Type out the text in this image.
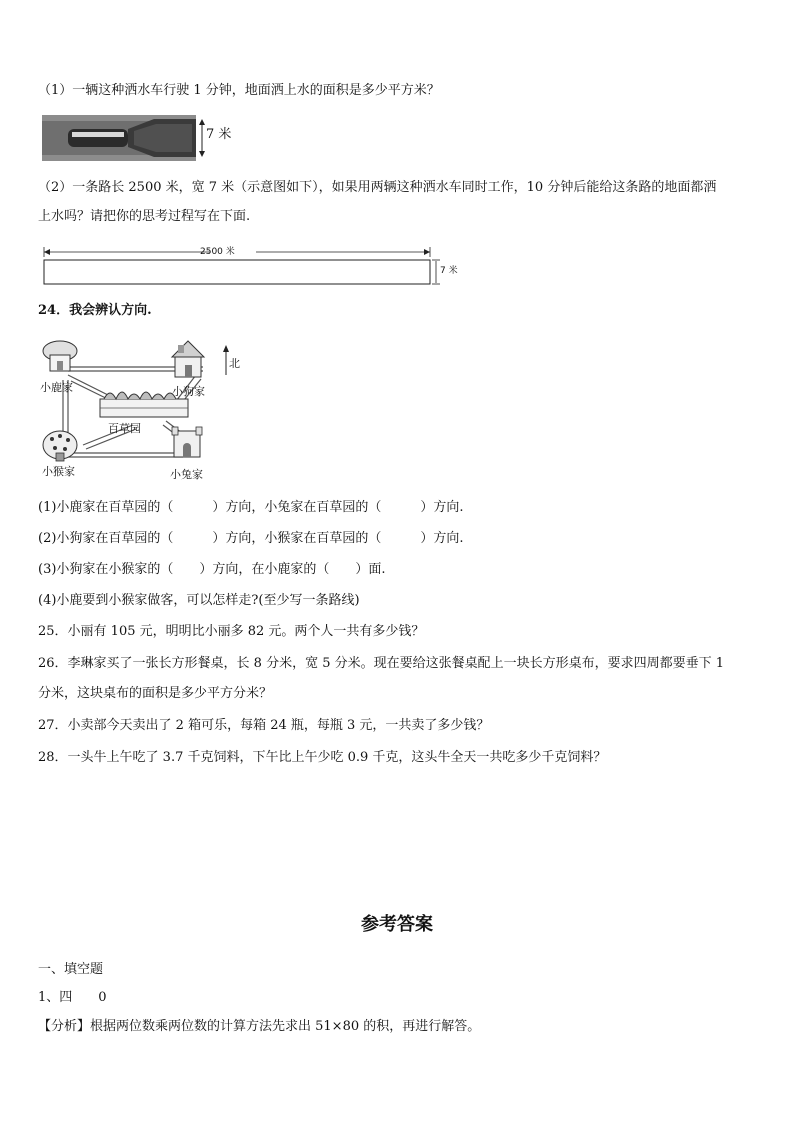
（1）一辆这种洒水车行驶 1 分钟，地面洒上水的面积是多少平方米？
7 米
（2）一条路长 2500 米，宽 7 米（示意图如下），如果用两辆这种洒水车同时工作，10 分钟后能给这条路的地面都洒
上水吗？请把你的思考过程写在下面.
2500 米
7 米
24．我会辨认方向.
北
小鹿家	小狗家
百草园
小猴家	小兔家
(1)小鹿家在百草园的（　　　）方向，小兔家在百草园的（　　　）方向.
(2)小狗家在百草园的（　　　）方向，小猴家在百草园的（　　　）方向.
(3)小狗家在小猴家的（　　）方向，在小鹿家的（　　）面.
(4)小鹿要到小猴家做客，可以怎样走?(至少写一条路线)
25．小丽有 105 元，明明比小丽多 82 元。两个人一共有多少钱？
26．李琳家买了一张长方形餐桌，长 8 分米，宽 5 分米。现在要给这张餐桌配上一块长方形桌布，要求四周都要垂下 1
分米，这块桌布的面积是多少平方分米？
27．小卖部今天卖出了 2 箱可乐，每箱 24 瓶，每瓶 3 元，一共卖了多少钱？
28．一头牛上午吃了 3.7 千克饲料，下午比上午少吃 0.9 千克，这头牛全天一共吃多少千克饲料？
参考答案
一、填空题
1、四　　0
【分析】根据两位数乘两位数的计算方法先求出 51×80 的积，再进行解答。
